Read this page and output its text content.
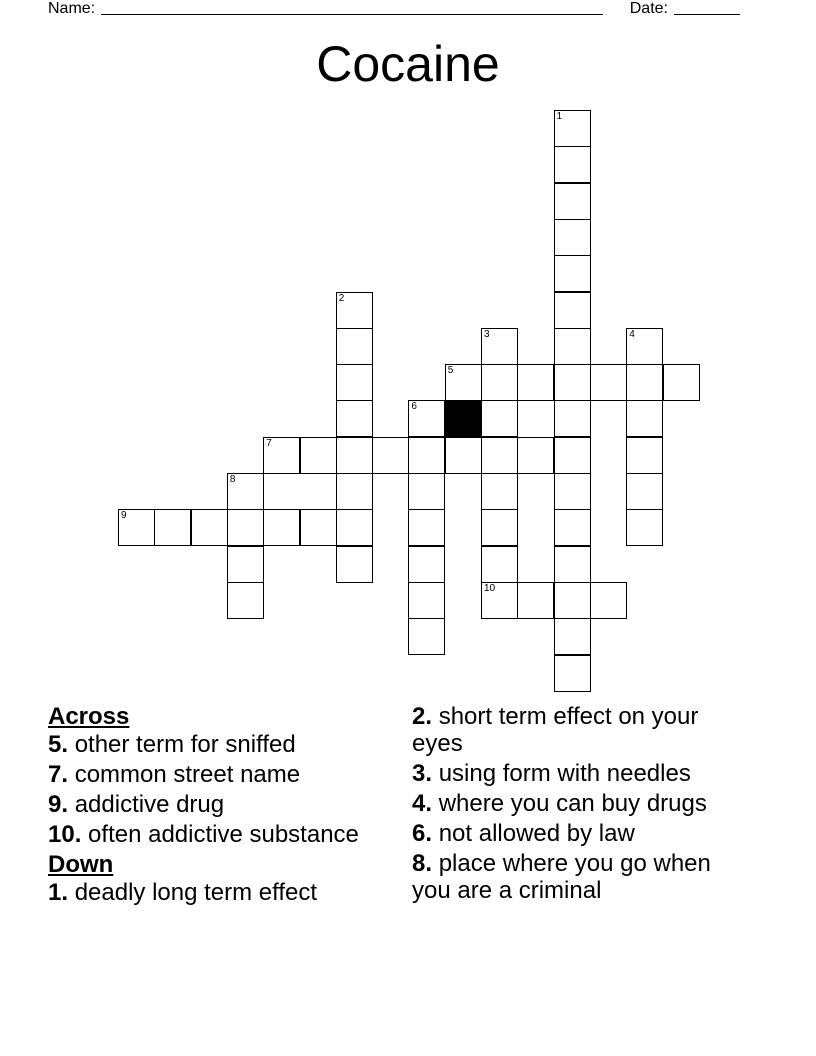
Name:	Date:
Cocaine
1
2
3
10
4
6
8
5
7
9
Across
5. other term for sniffed
7. common street name
9. addictive drug
10. often addictive substance
Down
1. deadly long term effect
2. short term effect on your eyes
3. using form with needles
4. where you can buy drugs
6. not allowed by law
8. place where you go when you are a criminal
